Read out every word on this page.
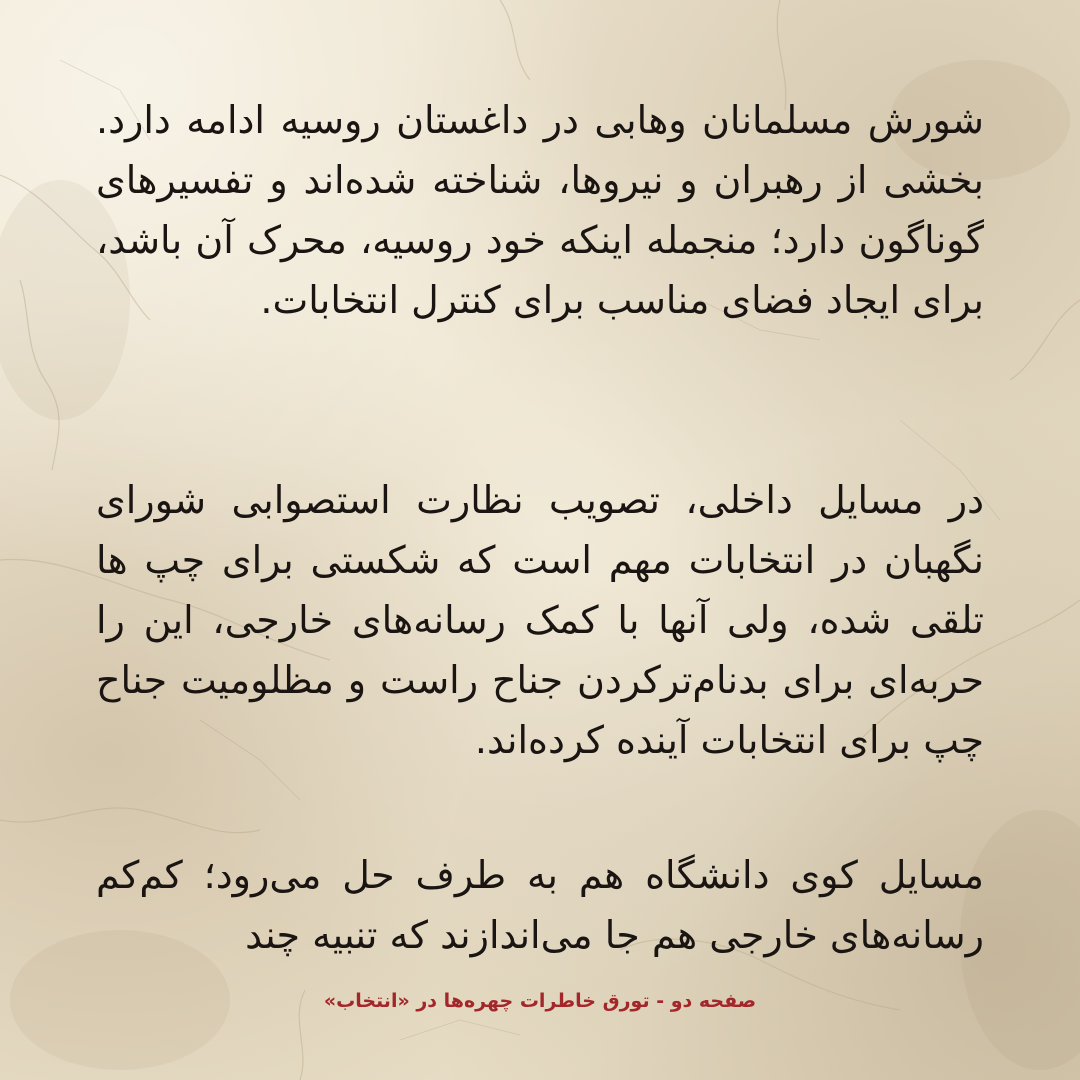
شورش مسلمانان وهابی در داغستان روسیه ادامه دارد. بخشی از رهبران و نیروها، شناخته شده‌اند و تفسیرهای گوناگون دارد؛ منجمله اینکه خود روسیه، محرک آن باشد، برای ایجاد فضای مناسب برای کنترل انتخابات.
در مسایل داخلی، تصویب نظارت استصوابی شورای نگهبان در انتخابات مهم است که شکستی برای چپ ها تلقی شده، ولی آنها با کمک رسانه‌های خارجی، این را حربه‌ای برای بدنام‌ترکردن جناح راست و مظلومیت جناح چپ برای انتخابات آینده کرده‌اند.
مسایل کوی دانشگاه هم به طرف حل می‌رود؛ کم‌کم رسانه‌های خارجی هم جا می‌اندازند که تنبیه چند
صفحه دو - تورق خاطرات چهره‌ها در «انتخاب»
